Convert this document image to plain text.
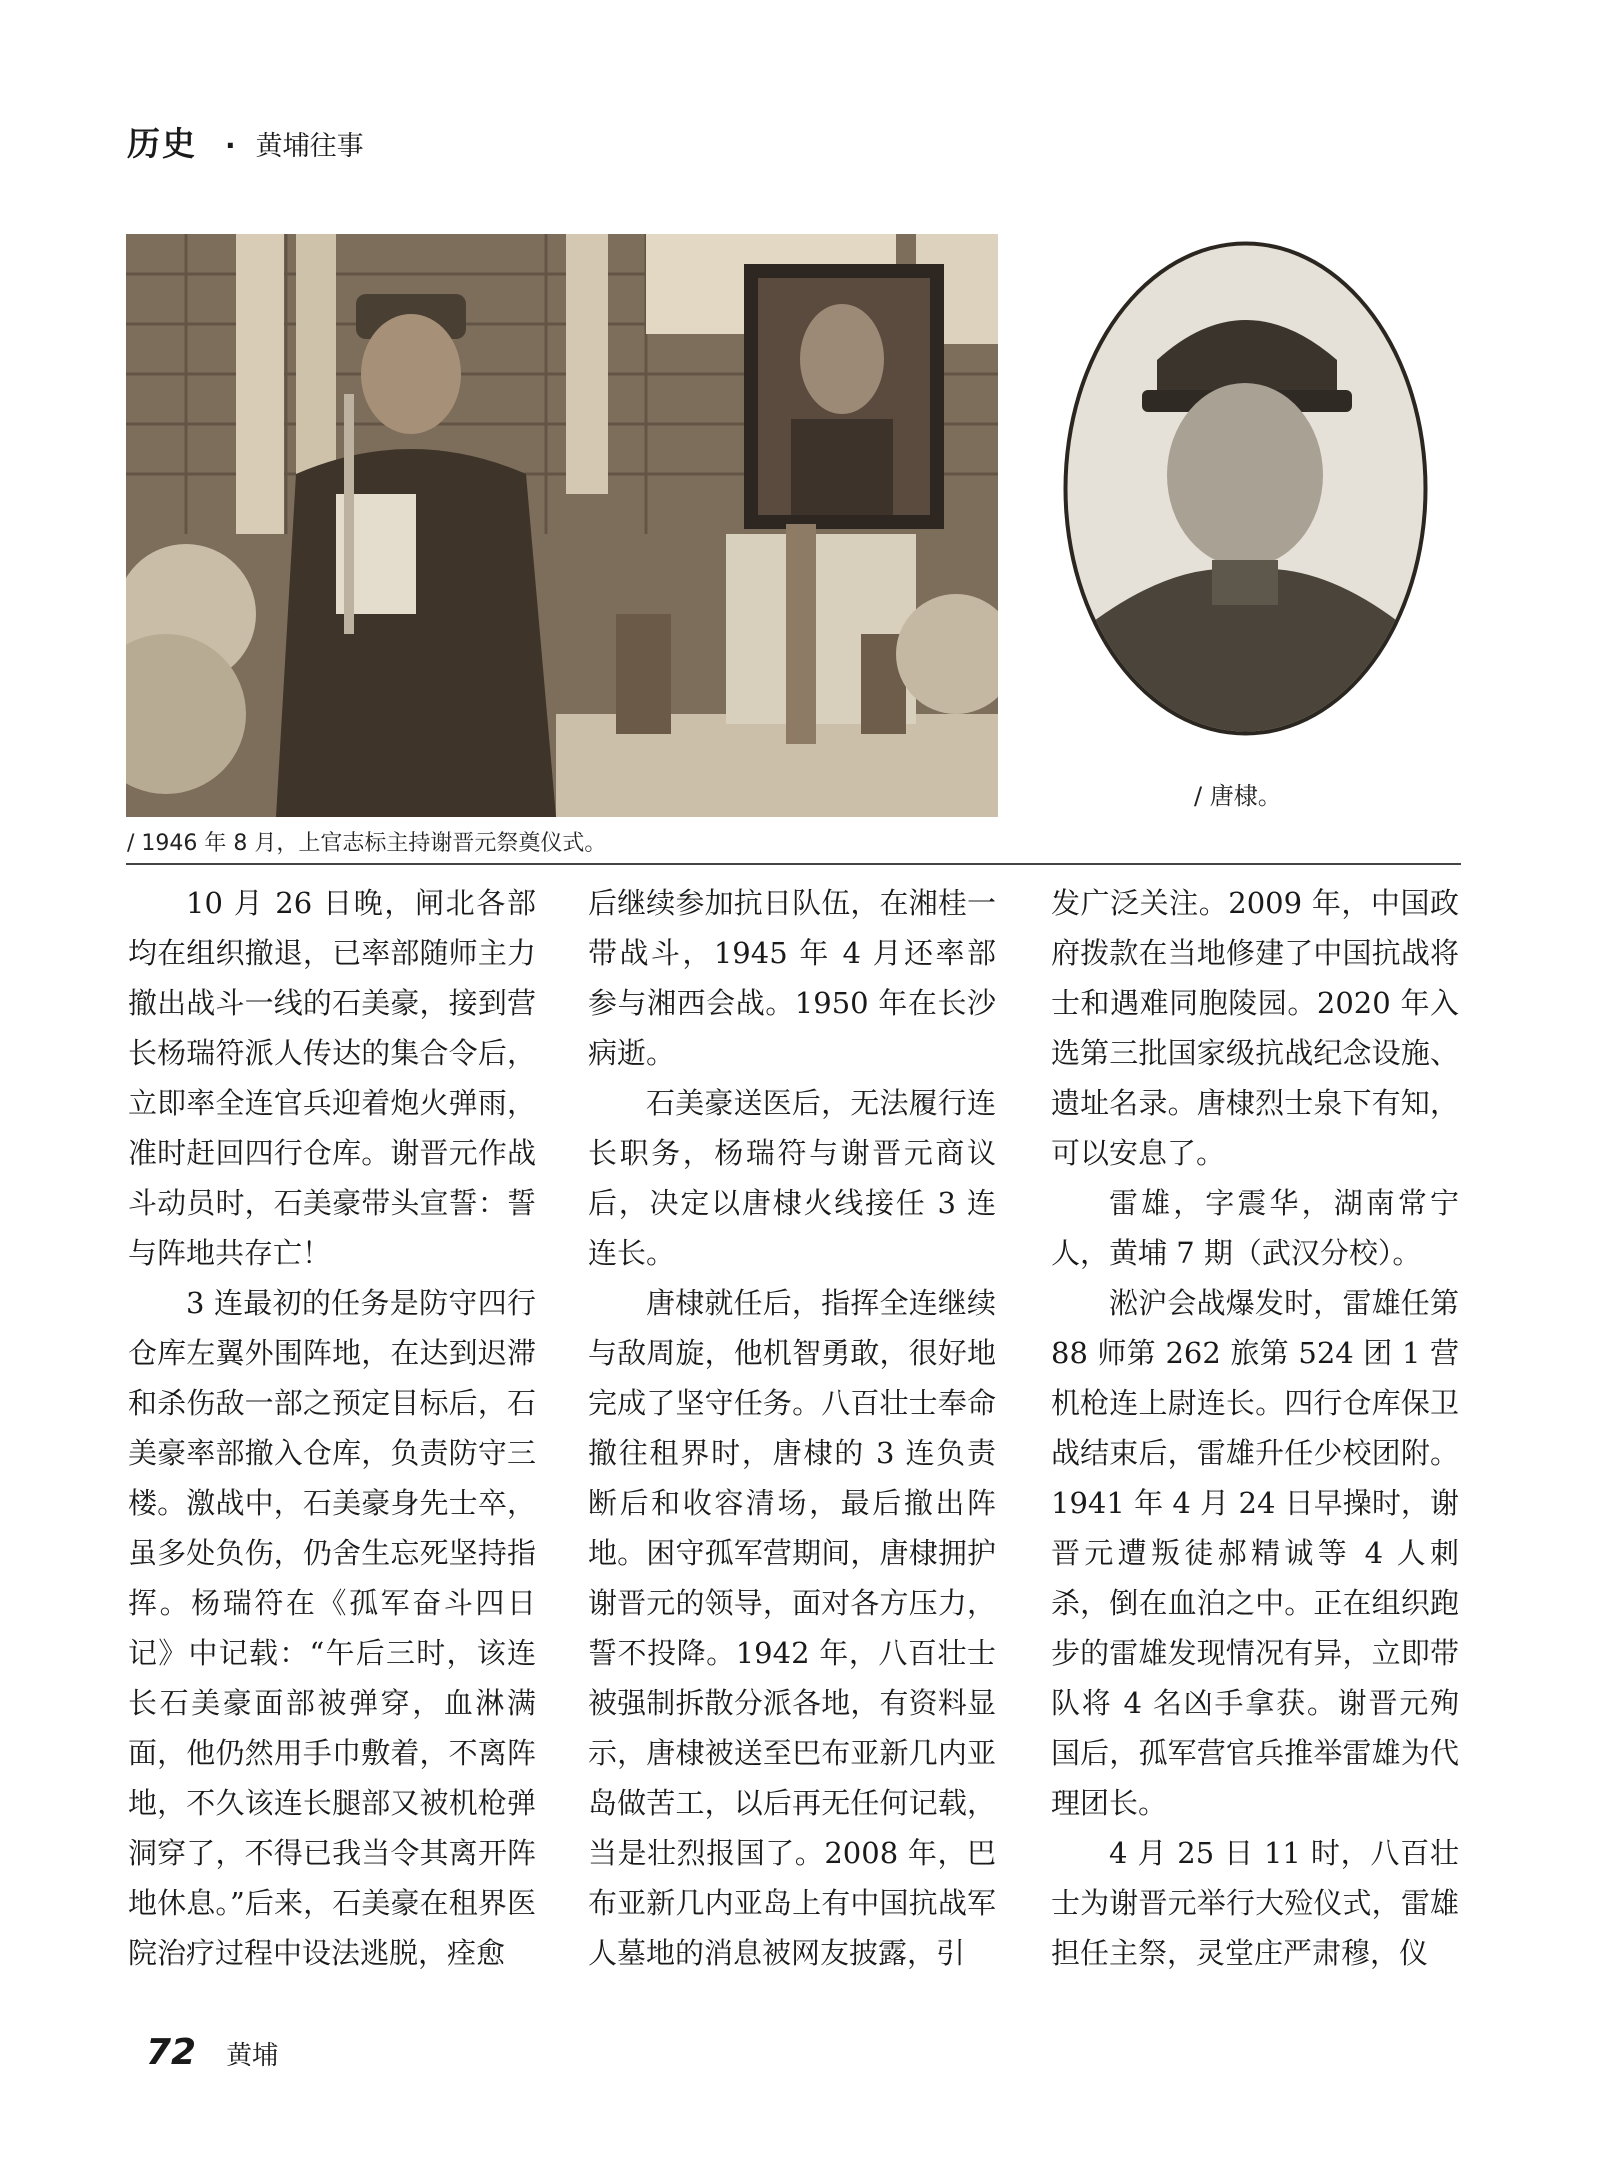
历史 · 黄埔往事
/ 1946 年 8 月，上官志标主持谢晋元祭奠仪式。
/ 唐棣。

10 月 26 日晚，闸北各部均在组织撤退，已率部随师主力撤出战斗一线的石美豪，接到营长杨瑞符派人传达的集合令后，立即率全连官兵迎着炮火弹雨，准时赶回四行仓库。谢晋元作战斗动员时，石美豪带头宣誓：誓与阵地共存亡！

3 连最初的任务是防守四行仓库左翼外围阵地，在达到迟滞和杀伤敌一部之预定目标后，石美豪率部撤入仓库，负责防守三楼。激战中，石美豪身先士卒，虽多处负伤，仍舍生忘死坚持指挥。杨瑞符在《孤军奋斗四日记》中记载：“午后三时，该连长石美豪面部被弹穿，血淋满面，他仍然用手巾敷着，不离阵地，不久该连长腿部又被机枪弹洞穿了，不得已我当令其离开阵地休息。”后来，石美豪在租界医院治疗过程中设法逃脱，痊愈

后继续参加抗日队伍，在湘桂一带战斗，1945 年 4 月还率部参与湘西会战。1950 年在长沙病逝。

石美豪送医后，无法履行连长职务，杨瑞符与谢晋元商议后，决定以唐棣火线接任 3 连连长。

唐棣就任后，指挥全连继续与敌周旋，他机智勇敢，很好地完成了坚守任务。八百壮士奉命撤往租界时，唐棣的 3 连负责断后和收容清场，最后撤出阵地。困守孤军营期间，唐棣拥护谢晋元的领导，面对各方压力，誓不投降。1942 年，八百壮士被强制拆散分派各地，有资料显示，唐棣被送至巴布亚新几内亚岛做苦工，以后再无任何记载，当是壮烈报国了。2008 年，巴布亚新几内亚岛上有中国抗战军人墓地的消息被网友披露，引

发广泛关注。2009 年，中国政府拨款在当地修建了中国抗战将士和遇难同胞陵园。2020 年入选第三批国家级抗战纪念设施、遗址名录。唐棣烈士泉下有知，可以安息了。

雷雄，字震华，湖南常宁人，黄埔 7 期（武汉分校）。

淞沪会战爆发时，雷雄任第 88 师第 262 旅第 524 团 1 营机枪连上尉连长。四行仓库保卫战结束后，雷雄升任少校团附。1941 年 4 月 24 日早操时，谢晋元遭叛徒郝精诚等 4 人刺杀，倒在血泊之中。正在组织跑步的雷雄发现情况有异，立即带队将 4 名凶手拿获。谢晋元殉国后，孤军营官兵推举雷雄为代理团长。

4 月 25 日 11 时，八百壮士为谢晋元举行大殓仪式，雷雄担任主祭，灵堂庄严肃穆，仪

72 黄埔
